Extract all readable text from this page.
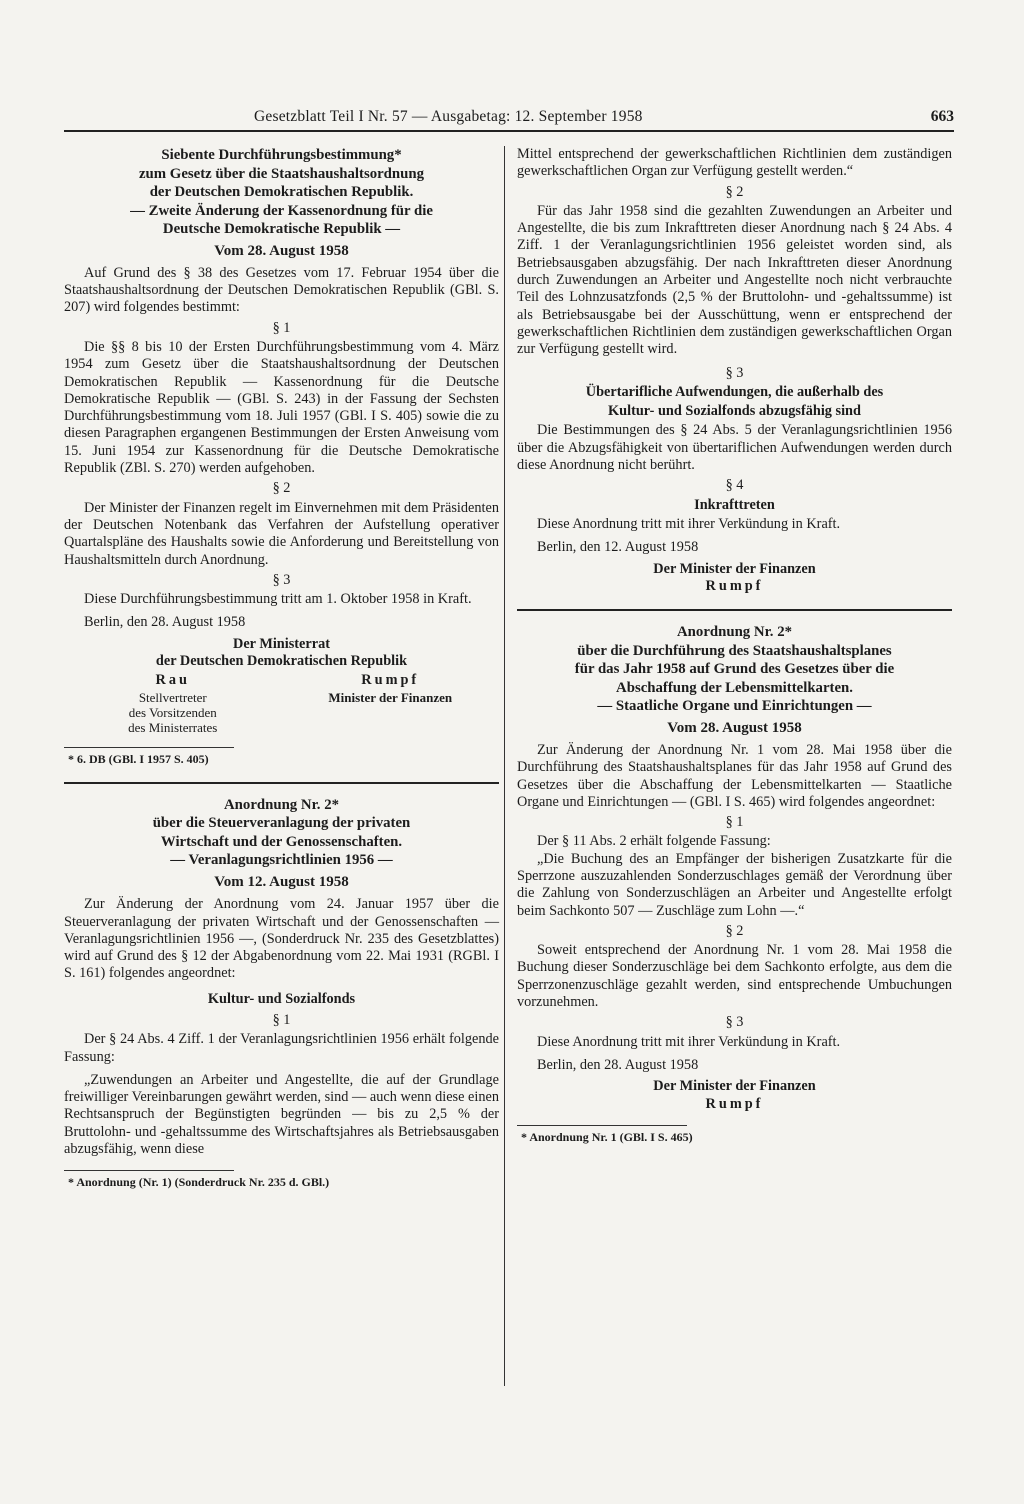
Gesetzblatt Teil I Nr. 57 — Ausgabetag: 12. September 1958	663

Siebente Durchführungsbestimmung*

zum Gesetz über die Staatshaushaltsordnung

der Deutschen Demokratischen Republik.

— Zweite Änderung der Kassenordnung für die

Deutsche Demokratische Republik —

Vom 28. August 1958

Auf Grund des § 38 des Gesetzes vom 17. Februar 1954 über die Staatshaushaltsordnung der Deutschen Demokratischen Republik (GBl. S. 207) wird folgendes bestimmt:

§ 1

Die §§ 8 bis 10 der Ersten Durchführungsbestimmung vom 4. März 1954 zum Gesetz über die Staatshaushaltsordnung der Deutschen Demokratischen Republik — Kassenordnung für die Deutsche Demokratische Republik — (GBl. S. 243) in der Fassung der Sechsten Durchführungsbestimmung vom 18. Juli 1957 (GBl. I S. 405) sowie die zu diesen Paragraphen ergangenen Bestimmungen der Ersten Anweisung vom 15. Juni 1954 zur Kassenordnung für die Deutsche Demokratische Republik (ZBl. S. 270) werden aufgehoben.

§ 2

Der Minister der Finanzen regelt im Einvernehmen mit dem Präsidenten der Deutschen Notenbank das Verfahren der Aufstellung operativer Quartalspläne des Haushalts sowie die Anforderung und Bereitstellung von Haushaltsmitteln durch Anordnung.

§ 3

Diese Durchführungsbestimmung tritt am 1. Oktober 1958 in Kraft.

Berlin, den 28. August 1958

Der Ministerrat

der Deutschen Demokratischen Republik

Rau	Rumpf
Stellvertreter
des Vorsitzenden
des Ministerrates
Minister der Finanzen

* 6. DB (GBl. I 1957 S. 405)

Anordnung Nr. 2*

über die Steuerveranlagung der privaten

Wirtschaft und der Genossenschaften.

— Veranlagungsrichtlinien 1956 —

Vom 12. August 1958

Zur Änderung der Anordnung vom 24. Januar 1957 über die Steuerveranlagung der privaten Wirtschaft und der Genossenschaften — Veranlagungsrichtlinien 1956 —, (Sonderdruck Nr. 235 des Gesetzblattes) wird auf Grund des § 12 der Abgabenordnung vom 22. Mai 1931 (RGBl. I S. 161) folgendes angeordnet:

Kultur- und Sozialfonds

§ 1

Der § 24 Abs. 4 Ziff. 1 der Veranlagungsrichtlinien 1956 erhält folgende Fassung:

„Zuwendungen an Arbeiter und Angestellte, die auf der Grundlage freiwilliger Vereinbarungen gewährt werden, sind — auch wenn diese einen Rechtsanspruch der Begünstigten begründen — bis zu 2,5 % der Bruttolohn- und -gehaltssumme des Wirtschaftsjahres als Betriebsausgaben abzugsfähig, wenn diese

* Anordnung (Nr. 1) (Sonderdruck Nr. 235 d. GBl.)

Mittel entsprechend der gewerkschaftlichen Richtlinien dem zuständigen gewerkschaftlichen Organ zur Verfügung gestellt werden.“

§ 2

Für das Jahr 1958 sind die gezahlten Zuwendungen an Arbeiter und Angestellte, die bis zum Inkrafttreten dieser Anordnung nach § 24 Abs. 4 Ziff. 1 der Veranlagungsrichtlinien 1956 geleistet worden sind, als Betriebsausgaben abzugsfähig. Der nach Inkrafttreten dieser Anordnung durch Zuwendungen an Arbeiter und Angestellte noch nicht verbrauchte Teil des Lohnzusatzfonds (2,5 % der Bruttolohn- und -gehaltssumme) ist als Betriebsausgabe bei der Ausschüttung, wenn er entsprechend der gewerkschaftlichen Richtlinien dem zuständigen gewerkschaftlichen Organ zur Verfügung gestellt wird.

§ 3

Übertarifliche Aufwendungen, die außerhalb des

Kultur- und Sozialfonds abzugsfähig sind

Die Bestimmungen des § 24 Abs. 5 der Veranlagungsrichtlinien 1956 über die Abzugsfähigkeit von übertariflichen Aufwendungen werden durch diese Anordnung nicht berührt.

§ 4

Inkrafttreten

Diese Anordnung tritt mit ihrer Verkündung in Kraft.

Berlin, den 12. August 1958

Der Minister der Finanzen

Rumpf

Anordnung Nr. 2*

über die Durchführung des Staatshaushaltsplanes

für das Jahr 1958 auf Grund des Gesetzes über die

Abschaffung der Lebensmittelkarten.

— Staatliche Organe und Einrichtungen —

Vom 28. August 1958

Zur Änderung der Anordnung Nr. 1 vom 28. Mai 1958 über die Durchführung des Staatshaushaltsplanes für das Jahr 1958 auf Grund des Gesetzes über die Abschaffung der Lebensmittelkarten — Staatliche Organe und Einrichtungen — (GBl. I S. 465) wird folgendes angeordnet:

§ 1

Der § 11 Abs. 2 erhält folgende Fassung:

„Die Buchung des an Empfänger der bisherigen Zusatzkarte für die Sperrzone auszuzahlenden Sonderzuschlages gemäß der Verordnung über die Zahlung von Sonderzuschlägen an Arbeiter und Angestellte erfolgt beim Sachkonto 507 — Zuschläge zum Lohn —.“

§ 2

Soweit entsprechend der Anordnung Nr. 1 vom 28. Mai 1958 die Buchung dieser Sonderzuschläge bei dem Sachkonto erfolgte, aus dem die Sperrzonenzuschläge gezahlt werden, sind entsprechende Umbuchungen vorzunehmen.

§ 3

Diese Anordnung tritt mit ihrer Verkündung in Kraft.

Berlin, den 28. August 1958

Der Minister der Finanzen

Rumpf

* Anordnung Nr. 1 (GBl. I S. 465)
